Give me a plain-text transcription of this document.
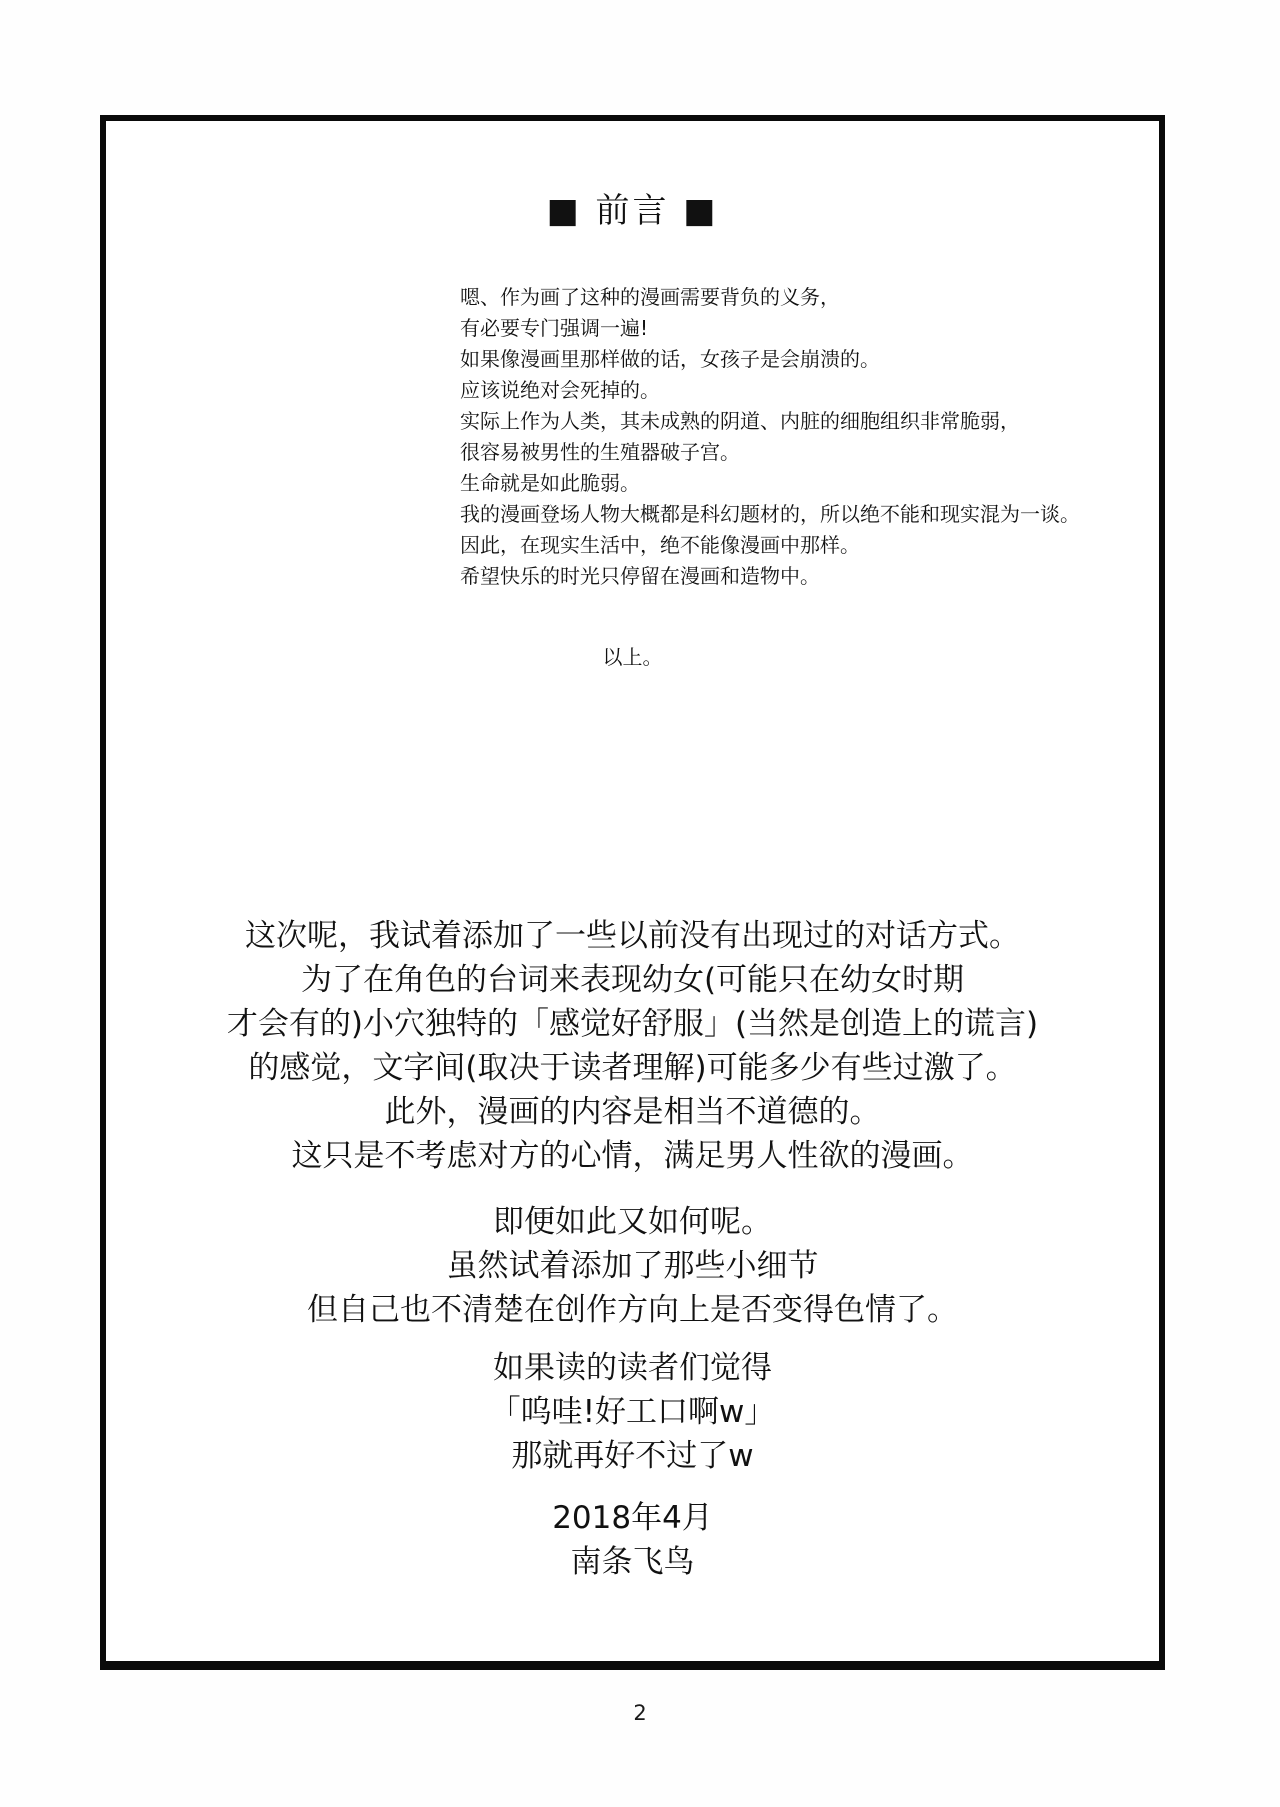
■ 前言 ■
嗯、作为画了这种的漫画需要背负的义务，
有必要专门强调一遍!
如果像漫画里那样做的话，女孩子是会崩溃的。
应该说绝对会死掉的。
实际上作为人类，其未成熟的阴道、内脏的细胞组织非常脆弱，
很容易被男性的生殖器破子宫。
生命就是如此脆弱。
我的漫画登场人物大概都是科幻题材的，所以绝不能和现实混为一谈。
因此，在现实生活中，绝不能像漫画中那样。
希望快乐的时光只停留在漫画和造物中。
以上。
这次呢，我试着添加了一些以前没有出现过的对话方式。
为了在角色的台词来表现幼女(可能只在幼女时期
才会有的)小穴独特的「感觉好舒服」(当然是创造上的谎言)
的感觉，文字间(取决于读者理解)可能多少有些过激了。
此外，漫画的内容是相当不道德的。
这只是不考虑对方的心情，满足男人性欲的漫画。
即便如此又如何呢。
虽然试着添加了那些小细节
但自己也不清楚在创作方向上是否变得色情了。
如果读的读者们觉得
「呜哇!好工口啊w」
那就再好不过了w
2018年4月
南条飞鸟
2
